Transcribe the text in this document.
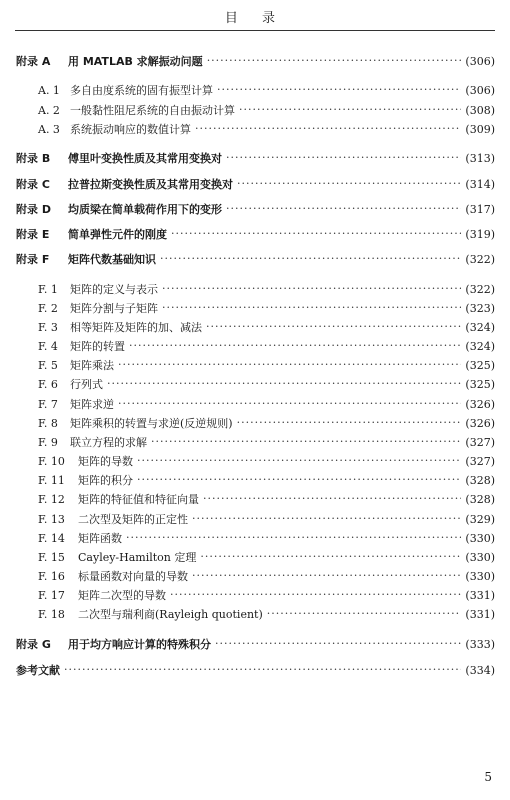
目 录
附录 A	用 MATLAB 求解振动问题 ·····	(306)
A. 1 多自由度系统的固有振型计算 ·····	(306)
A. 2 一般黏性阻尼系统的自由振动计算 ·····	(308)
A. 3 系统振动响应的数值计算 ·····	(309)
附录 B	傅里叶变换性质及其常用变换对 ·····	(313)
附录 C	拉普拉斯变换性质及其常用变换对 ·····	(314)
附录 D	均质梁在简单载荷作用下的变形 ·····	(317)
附录 E	简单弹性元件的刚度 ·····	(319)
附录 F	矩阵代数基础知识 ·····	(322)
F. 1	矩阵的定义与表示 ·····	(322)
F. 2	矩阵分割与子矩阵 ·····	(323)
F. 3	相等矩阵及矩阵的加、减法 ·····	(324)
F. 4	矩阵的转置 ·····	(324)
F. 5	矩阵乘法 ·····	(325)
F. 6	行列式 ·····	(325)
F. 7	矩阵求逆 ·····	(326)
F. 8	矩阵乘积的转置与求逆(反逆规则) ·····	(326)
F. 9	联立方程的求解 ·····	(327)
F. 10	矩阵的导数 ·····	(327)
F. 11	矩阵的积分 ·····	(328)
F. 12	矩阵的特征值和特征向量 ·····	(328)
F. 13	二次型及矩阵的正定性 ·····	(329)
F. 14	矩阵函数 ·····	(330)
F. 15	Cayley-Hamilton 定理 ·····	(330)
F. 16	标量函数对向量的导数 ·····	(330)
F. 17	矩阵二次型的导数 ·····	(331)
F. 18	二次型与瑞利商(Rayleigh quotient) ·····	(331)
附录 G	用于均方响应计算的特殊积分 ·····	(333)
参考文献 ·····	(334)
5
